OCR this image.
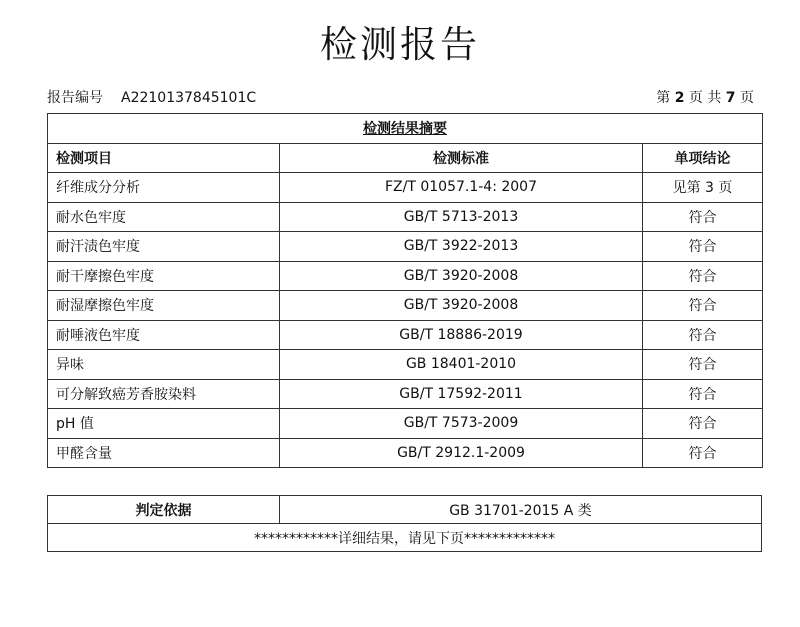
检测报告
报告编号 A2210137845101C	第 2 页 共 7 页
检测结果摘要		
检测项目	检测标准	单项结论
纤维成分分析	FZ/T 01057.1-4: 2007	见第 3 页
耐水色牢度	GB/T 5713-2013	符合
耐汗渍色牢度	GB/T 3922-2013	符合
耐干摩擦色牢度	GB/T 3920-2008	符合
耐湿摩擦色牢度	GB/T 3920-2008	符合
耐唾液色牢度	GB/T 18886-2019	符合
异味	GB 18401-2010	符合
可分解致癌芳香胺染料	GB/T 17592-2011	符合
pH 值	GB/T 7573-2009	符合
甲醛含量	GB/T 2912.1-2009	符合
判定依据	GB 31701-2015 A 类
************详细结果，请见下页*************
